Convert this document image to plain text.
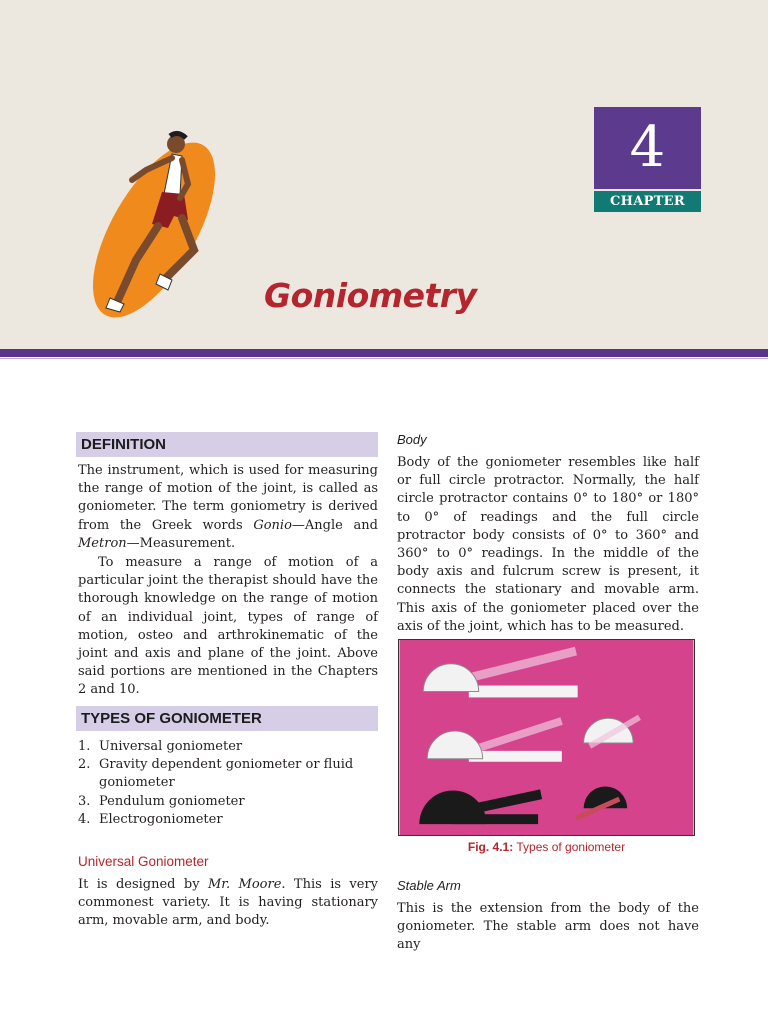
4
CHAPTER
Goniometry
DEFINITION

The instrument, which is used for measuring the range of motion of the joint, is called as goniometer. The term goniometry is derived from the Greek words Gonio—Angle and Metron—Measurement.

To measure a range of motion of a particular joint the therapist should have the thorough knowledge on the range of motion of an individual joint, types of range of motion, osteo and arthrokinematic of the joint and axis and plane of the joint. Above said portions are mentioned in the Chapters 2 and 10.

TYPES OF GONIOMETER
1. Universal goniometer
2. Gravity dependent goniometer or fluid goniometer
3. Pendulum goniometer
4. Electrogoniometer
Universal Goniometer

It is designed by Mr. Moore. This is very commonest variety. It is having stationary arm, movable arm, and body.

Body

Body of the goniometer resembles like half or full circle protractor. Normally, the half circle protractor contains 0° to 180° or 180° to 0° of readings and the full circle protractor body consists of 0° to 360° and 360° to 0° readings. In the middle of the body axis and fulcrum screw is present, it connects the stationary and movable arm. This axis of the goniometer placed over the axis of the joint, which has to be measured.

Fig. 4.1: Types of goniometer
Stable Arm

This is the extension from the body of the goniometer. The stable arm does not have any
